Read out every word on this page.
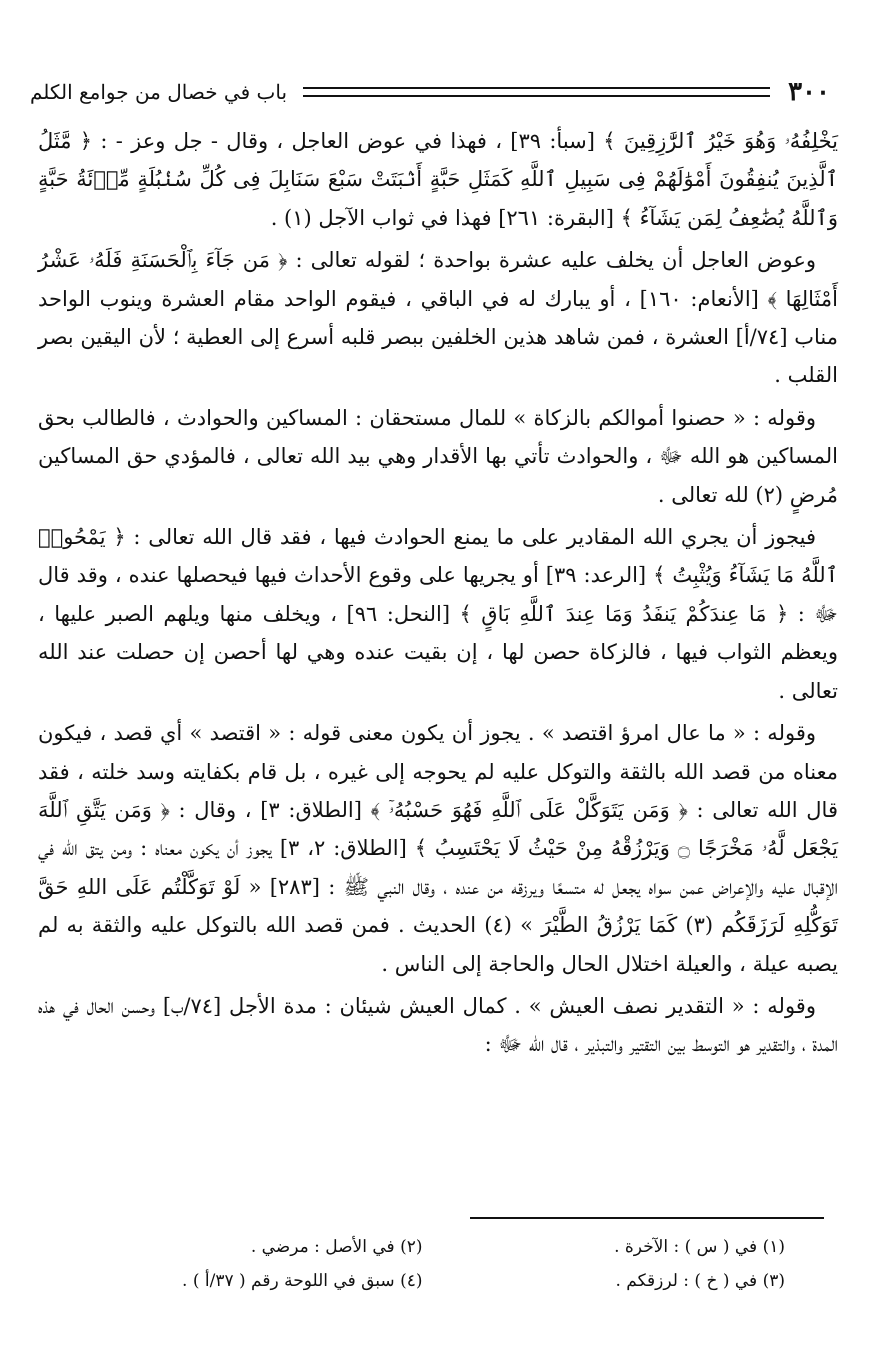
٣٠٠
باب في خصال من جوامع الكلم

يَخْلِفُهُۥ وَهُوَ خَيْرُ ٱلرَّٰزِقِينَ ﴾ [سبأ: ٣٩] ، فهذا في عوض العاجل ، وقال - جل وعز - : ﴿ مَّثَلُ ٱلَّذِينَ يُنفِقُونَ أَمْوَٰلَهُمْ فِى سَبِيلِ ٱللَّهِ كَمَثَلِ حَبَّةٍ أَنۢبَتَتْ سَبْعَ سَنَابِلَ فِى كُلِّ سُنۢبُلَةٍ مِّا۟ئَةُ حَبَّةٍ وَٱللَّهُ يُضَٰعِفُ لِمَن يَشَآءُ ﴾ [البقرة: ٢٦١] فهذا في ثواب الآجل (١) .

وعوض العاجل أن يخلف عليه عشرة بواحدة ؛ لقوله تعالى : ﴿ مَن جَآءَ بِٱلْحَسَنَةِ فَلَهُۥ عَشْرُ أَمْثَالِهَا ﴾ [الأنعام: ١٦٠] ، أو يبارك له في الباقي ، فيقوم الواحد مقام العشرة وينوب الواحد مناب [٧٤/أ] العشرة ، فمن شاهد هذين الخلفين ببصر قلبه أسرع إلى العطية ؛ لأن اليقين بصر القلب .

وقوله : « حصنوا أموالكم بالزكاة » للمال مستحقان : المساكين والحوادث ، فالطالب بحق المساكين هو الله ﷻ ، والحوادث تأتي بها الأقدار وهي بيد الله تعالى ، فالمؤدي حق المساكين مُرضٍ (٢) لله تعالى .

فيجوز أن يجري الله المقادير على ما يمنع الحوادث فيها ، فقد قال الله تعالى : ﴿ يَمْحُوا۟ ٱللَّهُ مَا يَشَآءُ وَيُثْبِتُ ﴾ [الرعد: ٣٩] أو يجريها على وقوع الأحداث فيها فيحصلها عنده ، وقد قال ﷻ : ﴿ مَا عِندَكُمْ يَنفَدُ وَمَا عِندَ ٱللَّهِ بَاقٍ ﴾ [النحل: ٩٦] ، ويخلف منها ويلهم الصبر عليها ، ويعظم الثواب فيها ، فالزكاة حصن لها ، إن بقيت عنده وهي لها أحصن إن حصلت عند الله تعالى .

وقوله : « ما عال امرؤ اقتصد » . يجوز أن يكون معنى قوله : « اقتصد » أي قصد ، فيكون معناه من قصد الله بالثقة والتوكل عليه لم يحوجه إلى غيره ، بل قام بكفايته وسد خلته ، فقد قال الله تعالى : ﴿ وَمَن يَتَوَكَّلْ عَلَى ٱللَّهِ فَهُوَ حَسْبُهُۥٓ ﴾ [الطلاق: ٣] ، وقال : ﴿ وَمَن يَتَّقِ ٱللَّهَ يَجْعَل لَّهُۥ مَخْرَجًا ۝ وَيَرْزُقْهُ مِنْ حَيْثُ لَا يَحْتَسِبُ ﴾ [الطلاق: ٢، ٣] يجوز أن يكون معناه : ومن يتق الله في الإقبال عليه والإعراض عمن سواه يجعل له متسعًا ويرزقه من عنده ، وقال النبي ﷺ : [٢٨٣] « لَوْ تَوَكَّلْتُم عَلَى اللهِ حَقَّ تَوَكُّلِهِ لَرَزَقَكُم (٣) كَمَا يَرْزُقُ الطَّيْرَ » (٤) الحديث . فمن قصد الله بالتوكل عليه والثقة به لم يصبه عيلة ، والعيلة اختلال الحال والحاجة إلى الناس .

وقوله : « التقدير نصف العيش » . كمال العيش شيئان : مدة الأجل [٧٤/ب] وحسن الحال في هذه المدة ، والتقدير هو التوسط بين التقتير والتبذير ، قال الله ﷻ :

(١) في ( س ) : الآخرة .
(٢) في الأصل : مرضي .
(٣) في ( خ ) : لرزقكم .
(٤) سبق في اللوحة رقم ( ٣٧/أ ) .
